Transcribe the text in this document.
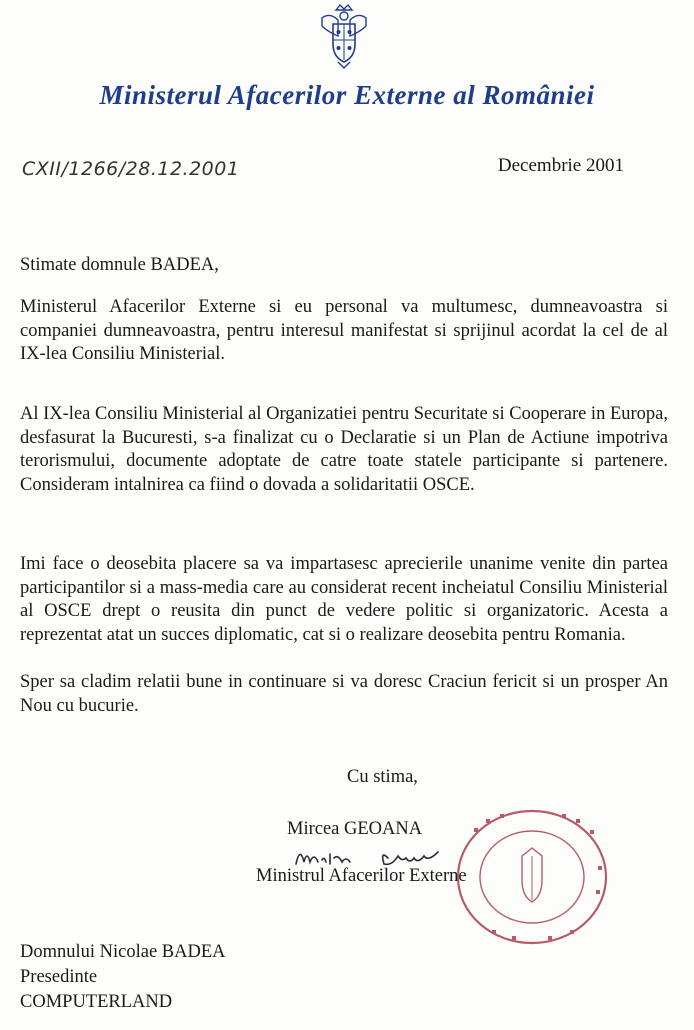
Ministerul Afacerilor Externe al României
CXII/1266/28.12.2001	Decembrie 2001
Stimate domnule BADEA,
Ministerul Afacerilor Externe si eu personal va multumesc, dumneavoastra si companiei dumneavoastra, pentru interesul manifestat si sprijinul acordat la cel de al IX-lea Consiliu Ministerial.
Al IX-lea Consiliu Ministerial al Organizatiei pentru Securitate si Cooperare in Europa, desfasurat la Bucuresti, s-a finalizat cu o Declaratie si un Plan de Actiune impotriva terorismului, documente adoptate de catre toate statele participante si partenere. Consideram intalnirea ca fiind o dovada a solidaritatii OSCE.
Imi face o deosebita placere sa va impartasesc aprecierile unanime venite din partea participantilor si a mass-media care au considerat recent incheiatul Consiliu Ministerial al OSCE drept o reusita din punct de vedere politic si organizatoric. Acesta a reprezentat atat un succes diplomatic, cat si o realizare deosebita pentru Romania.
Sper sa cladim relatii bune in continuare si va doresc Craciun fericit si un prosper An Nou cu bucurie.
Cu stima,
Mircea GEOANA
Ministrul Afacerilor Externe
Domnului Nicolae BADEA
Presedinte
COMPUTERLAND
